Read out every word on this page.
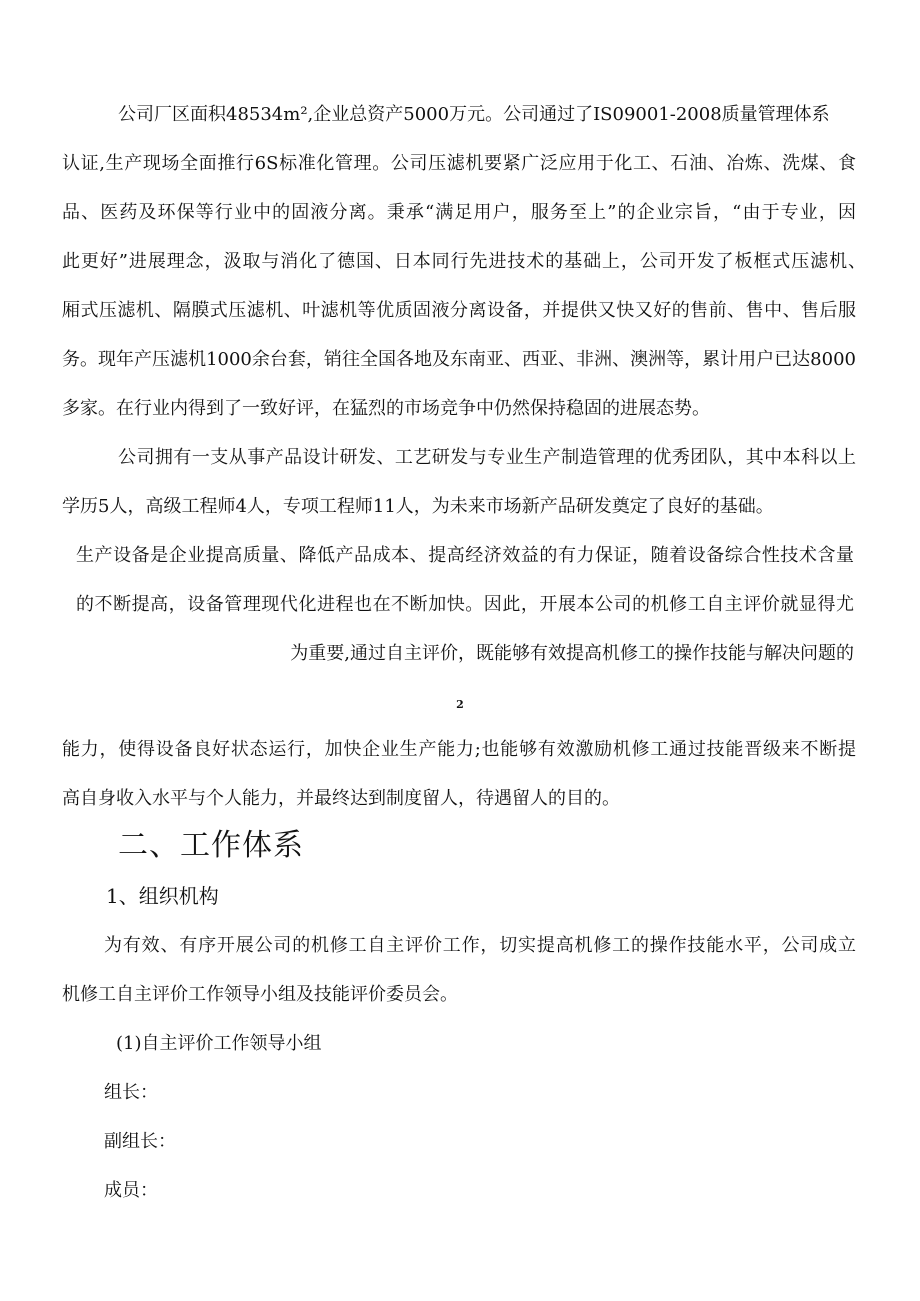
公司厂区面积48534m²,企业总资产5000万元。公司通过了IS09001-2008质量管理体系
认证,生产现场全面推行6S标准化管理。公司压滤机要紧广泛应用于化工、石油、冶炼、洗煤、食
品、医药及环保等行业中的固液分离。秉承“满足用户，服务至上”的企业宗旨，“由于专业，因
此更好”进展理念，汲取与消化了德国、日本同行先进技术的基础上，公司开发了板框式压滤机、
厢式压滤机、隔膜式压滤机、叶滤机等优质固液分离设备，并提供又快又好的售前、售中、售后服
务。现年产压滤机1000余台套，销往全国各地及东南亚、西亚、非洲、澳洲等，累计用户已达8000
多家。在行业内得到了一致好评，在猛烈的市场竞争中仍然保持稳固的进展态势。
公司拥有一支从事产品设计研发、工艺研发与专业生产制造管理的优秀团队，其中本科以上
学历5人，高级工程师4人，专项工程师11人，为未来市场新产品研发奠定了良好的基础。
生产设备是企业提高质量、降低产品成本、提高经济效益的有力保证，随着设备综合性技术含量
的不断提高，设备管理现代化进程也在不断加快。因此，开展本公司的机修工自主评价就显得尤
为重要,通过自主评价，既能够有效提高机修工的操作技能与解决问题的
2
能力，使得设备良好状态运行，加快企业生产能力;也能够有效激励机修工通过技能晋级来不断提
高自身收入水平与个人能力，并最终达到制度留人，待遇留人的目的。
二、工作体系
1、组织机构
为有效、有序开展公司的机修工自主评价工作，切实提高机修工的操作技能水平，公司成立
机修工自主评价工作领导小组及技能评价委员会。
(1)自主评价工作领导小组
组长：
副组长：
成员：
